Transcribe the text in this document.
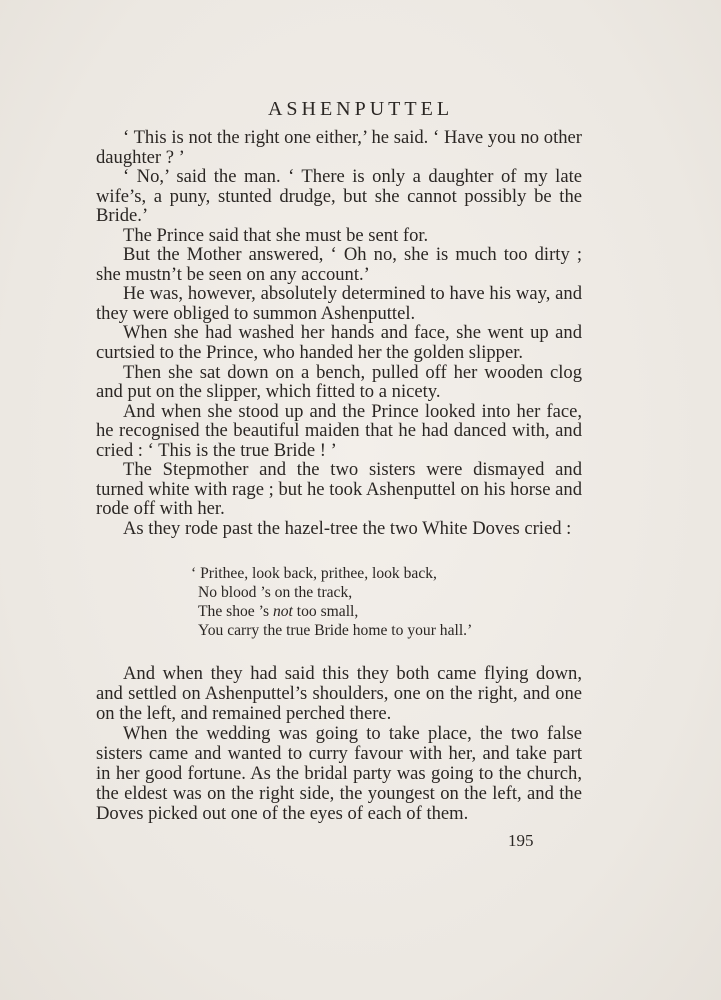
ASHENPUTTEL

‘ This is not the right one either,’ he said. ‘ Have you no other daughter ? ’

‘ No,’ said the man. ‘ There is only a daughter of my late wife’s, a puny, stunted drudge, but she cannot possibly be the Bride.’

The Prince said that she must be sent for.

But the Mother answered, ‘ Oh no, she is much too dirty ; she mustn’t be seen on any account.’

He was, however, absolutely determined to have his way, and they were obliged to summon Ashenputtel.

When she had washed her hands and face, she went up and curtsied to the Prince, who handed her the golden slipper.

Then she sat down on a bench, pulled off her wooden clog and put on the slipper, which fitted to a nicety.

And when she stood up and the Prince looked into her face, he recognised the beautiful maiden that he had danced with, and cried : ‘ This is the true Bride ! ’

The Stepmother and the two sisters were dismayed and turned white with rage ; but he took Ashenputtel on his horse and rode off with her.

As they rode past the hazel-tree the two White Doves cried :

‘ Prithee, look back, prithee, look back,
No blood ’s on the track,
The shoe ’s not too small,
You carry the true Bride home to your hall.’

And when they had said this they both came flying down, and settled on Ashenputtel’s shoulders, one on the right, and one on the left, and remained perched there.

When the wedding was going to take place, the two false sisters came and wanted to curry favour with her, and take part in her good fortune. As the bridal party was going to the church, the eldest was on the right side, the youngest on the left, and the Doves picked out one of the eyes of each of them.

195
